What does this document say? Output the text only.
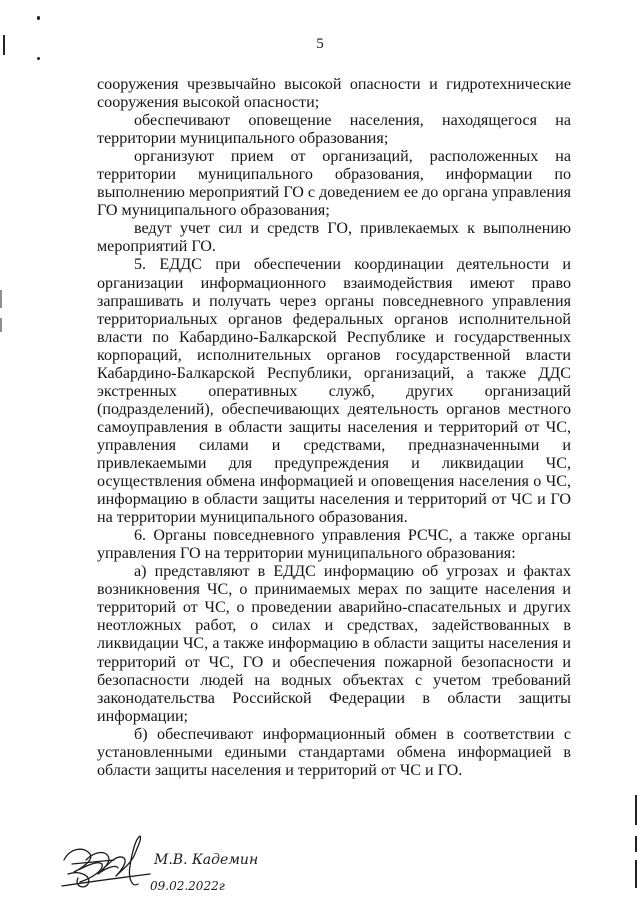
5

сооружения чрезвычайно высокой опасности и гидротехнические сооружения высокой опасности;

обеспечивают оповещение населения, находящегося на территории муниципального образования;

организуют прием от организаций, расположенных на территории муниципального образования, информации по выполнению мероприятий ГО с доведением ее до органа управления ГО муниципального образования;

ведут учет сил и средств ГО, привлекаемых к выполнению мероприятий ГО.

5. ЕДДС при обеспечении координации деятельности и организации информационного взаимодействия имеют право запрашивать и получать через органы повседневного управления территориальных органов федеральных органов исполнительной власти по Кабардино-Балкарской Республике и государственных корпораций, исполнительных органов государственной власти Кабардино-Балкарской Республики, организаций, а также ДДС экстренных оперативных служб, других организаций (подразделений), обеспечивающих деятельность органов местного самоуправления в области защиты населения и территорий от ЧС, управления силами и средствами, предназначенными и привлекаемыми для предупреждения и ликвидации ЧС, осуществления обмена информацией и оповещения населения о ЧС, информацию в области защиты населения и территорий от ЧС и ГО на территории муниципального образования.

6. Органы повседневного управления РСЧС, а также органы управления ГО на территории муниципального образования:

а) представляют в ЕДДС информацию об угрозах и фактах возникновения ЧС, о принимаемых мерах по защите населения и территорий от ЧС, о проведении аварийно-спасательных и других неотложных работ, о силах и средствах, задействованных в ликвидации ЧС, а также информацию в области защиты населения и территорий от ЧС, ГО и обеспечения пожарной безопасности и безопасности людей на водных объектах с учетом требований законодательства Российской Федерации в области защиты информации;

б) обеспечивают информационный обмен в соответствии с установленными едиными стандартами обмена информацией в области защиты населения и территорий от ЧС и ГО.

М.В. Кадемин
09.02.2022г
